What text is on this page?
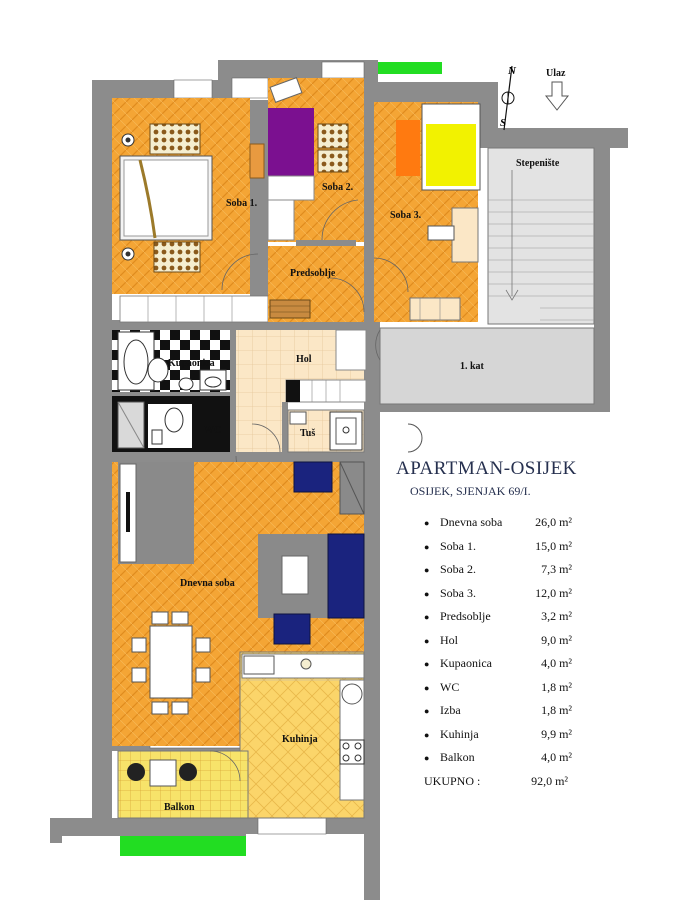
N
S
Ulaz
Soba 1.
Soba 2.
Soba 3.
Predsoblje
Stepenište
Hol
1. kat
Kupaonica
WC	Tuš
Dnevna soba
Kuhinja
Balkon
APARTMAN-OSIJEK
OSIJEK, SJENJAK 69/I.
● Dnevna soba	26,0 m²
● Soba 1.	15,0 m²
● Soba 2.	7,3 m²
● Soba 3.	12,0 m²
● Predsoblje	3,2 m²
● Hol	9,0 m²
● Kupaonica	4,0 m²
● WC	1,8 m²
● Izba	1,8 m²
● Kuhinja	9,9 m²
● Balkon	4,0 m²
UKUPNO :	92,0 m²
